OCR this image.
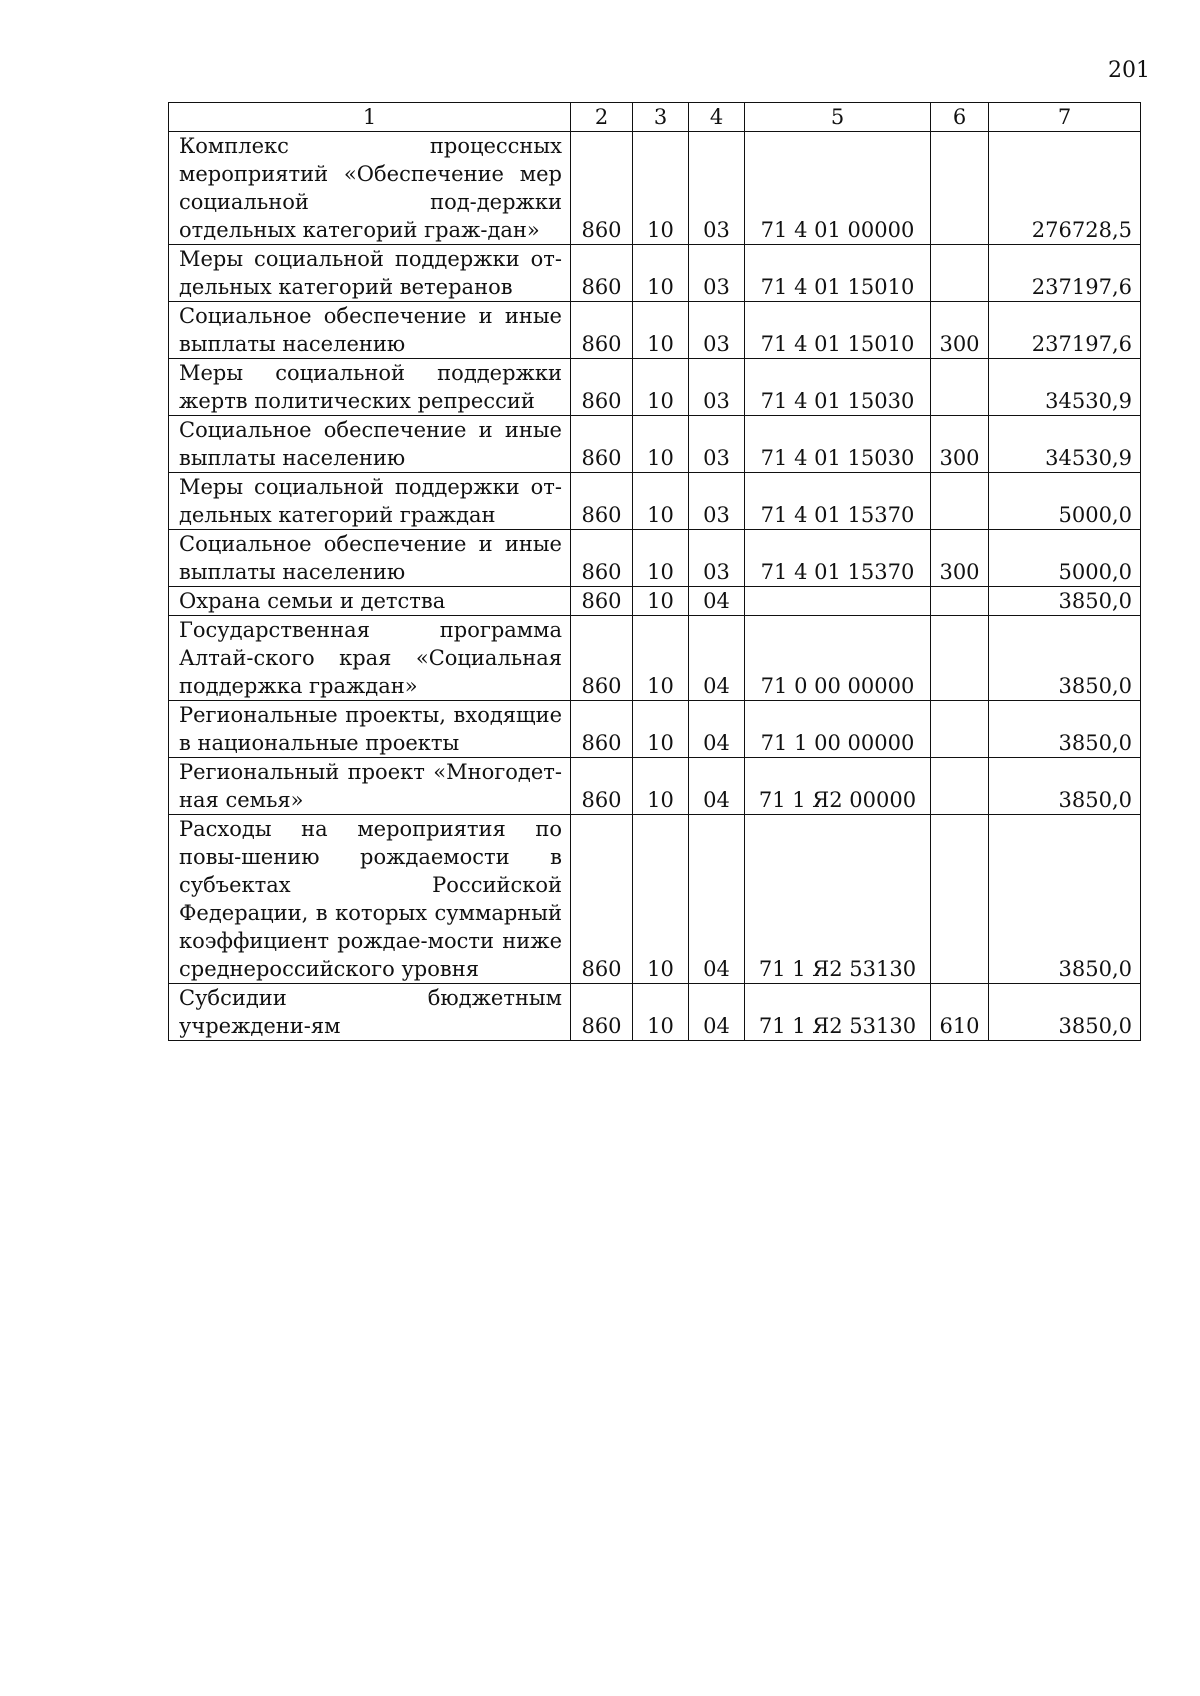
201
1	2	3	4	5	6	7
Комплекс процессных мероприятий «Обеспечение мер социальной под-держки отдельных категорий граж-дан»	860	10	03	71 4 01 00000		276728,5
Меры социальной поддержки от-дельных категорий ветеранов	860	10	03	71 4 01 15010		237197,6
Социальное обеспечение и иные выплаты населению	860	10	03	71 4 01 15010	300	237197,6
Меры социальной поддержки жертв политических репрессий	860	10	03	71 4 01 15030		34530,9
Социальное обеспечение и иные выплаты населению	860	10	03	71 4 01 15030	300	34530,9
Меры социальной поддержки от-дельных категорий граждан	860	10	03	71 4 01 15370		5000,0
Социальное обеспечение и иные выплаты населению	860	10	03	71 4 01 15370	300	5000,0
Охрана семьи и детства	860	10	04			3850,0
Государственная программа Алтай-ского края «Социальная поддержка граждан»	860	10	04	71 0 00 00000		3850,0
Региональные проекты, входящие в национальные проекты	860	10	04	71 1 00 00000		3850,0
Региональный проект «Многодет-ная семья»	860	10	04	71 1 Я2 00000		3850,0
Расходы на мероприятия по повы-шению рождаемости в субъектах Российской Федерации, в которых суммарный коэффициент рождае-мости ниже среднероссийского уровня	860	10	04	71 1 Я2 53130		3850,0
Субсидии бюджетным учреждени-ям	860	10	04	71 1 Я2 53130	610	3850,0
